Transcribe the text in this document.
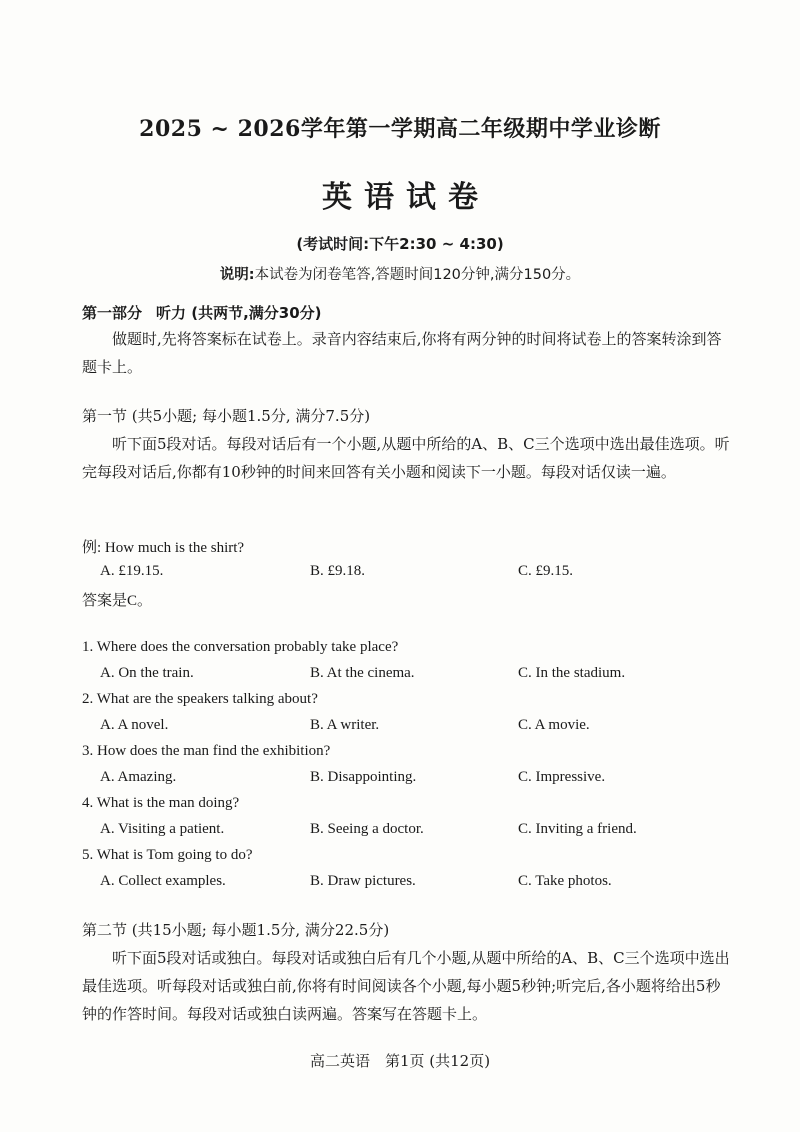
2025 ~ 2026学年第一学期高二年级期中学业诊断
英语试卷
(考试时间:下午2:30 ~ 4:30)
说明:本试卷为闭卷笔答,答题时间120分钟,满分150分。
第一部分 听力 (共两节,满分30分)

做题时,先将答案标在试卷上。录音内容结束后,你将有两分钟的时间将试卷上的答案转涂到答题卡上。

第一节 (共5小题; 每小题1.5分, 满分7.5分)

听下面5段对话。每段对话后有一个小题,从题中所给的A、B、C三个选项中选出最佳选项。听完每段对话后,你都有10秒钟的时间来回答有关小题和阅读下一小题。每段对话仅读一遍。

例: How much is the shirt?
A. £19.15.	B. £9.18.	C. £9.15.
答案是C。
1. Where does the conversation probably take place?
A. On the train.	B. At the cinema.	C. In the stadium.
2. What are the speakers talking about?
A. A novel.	B. A writer.	C. A movie.
3. How does the man find the exhibition?
A. Amazing.	B. Disappointing.	C. Impressive.
4. What is the man doing?
A. Visiting a patient.	B. Seeing a doctor.	C. Inviting a friend.
5. What is Tom going to do?
A. Collect examples.	B. Draw pictures.	C. Take photos.

第二节 (共15小题; 每小题1.5分, 满分22.5分)

听下面5段对话或独白。每段对话或独白后有几个小题,从题中所给的A、B、C三个选项中选出最佳选项。听每段对话或独白前,你将有时间阅读各个小题,每小题5秒钟;听完后,各小题将给出5秒钟的作答时间。每段对话或独白读两遍。答案写在答题卡上。

高二英语　第1页 (共12页)
